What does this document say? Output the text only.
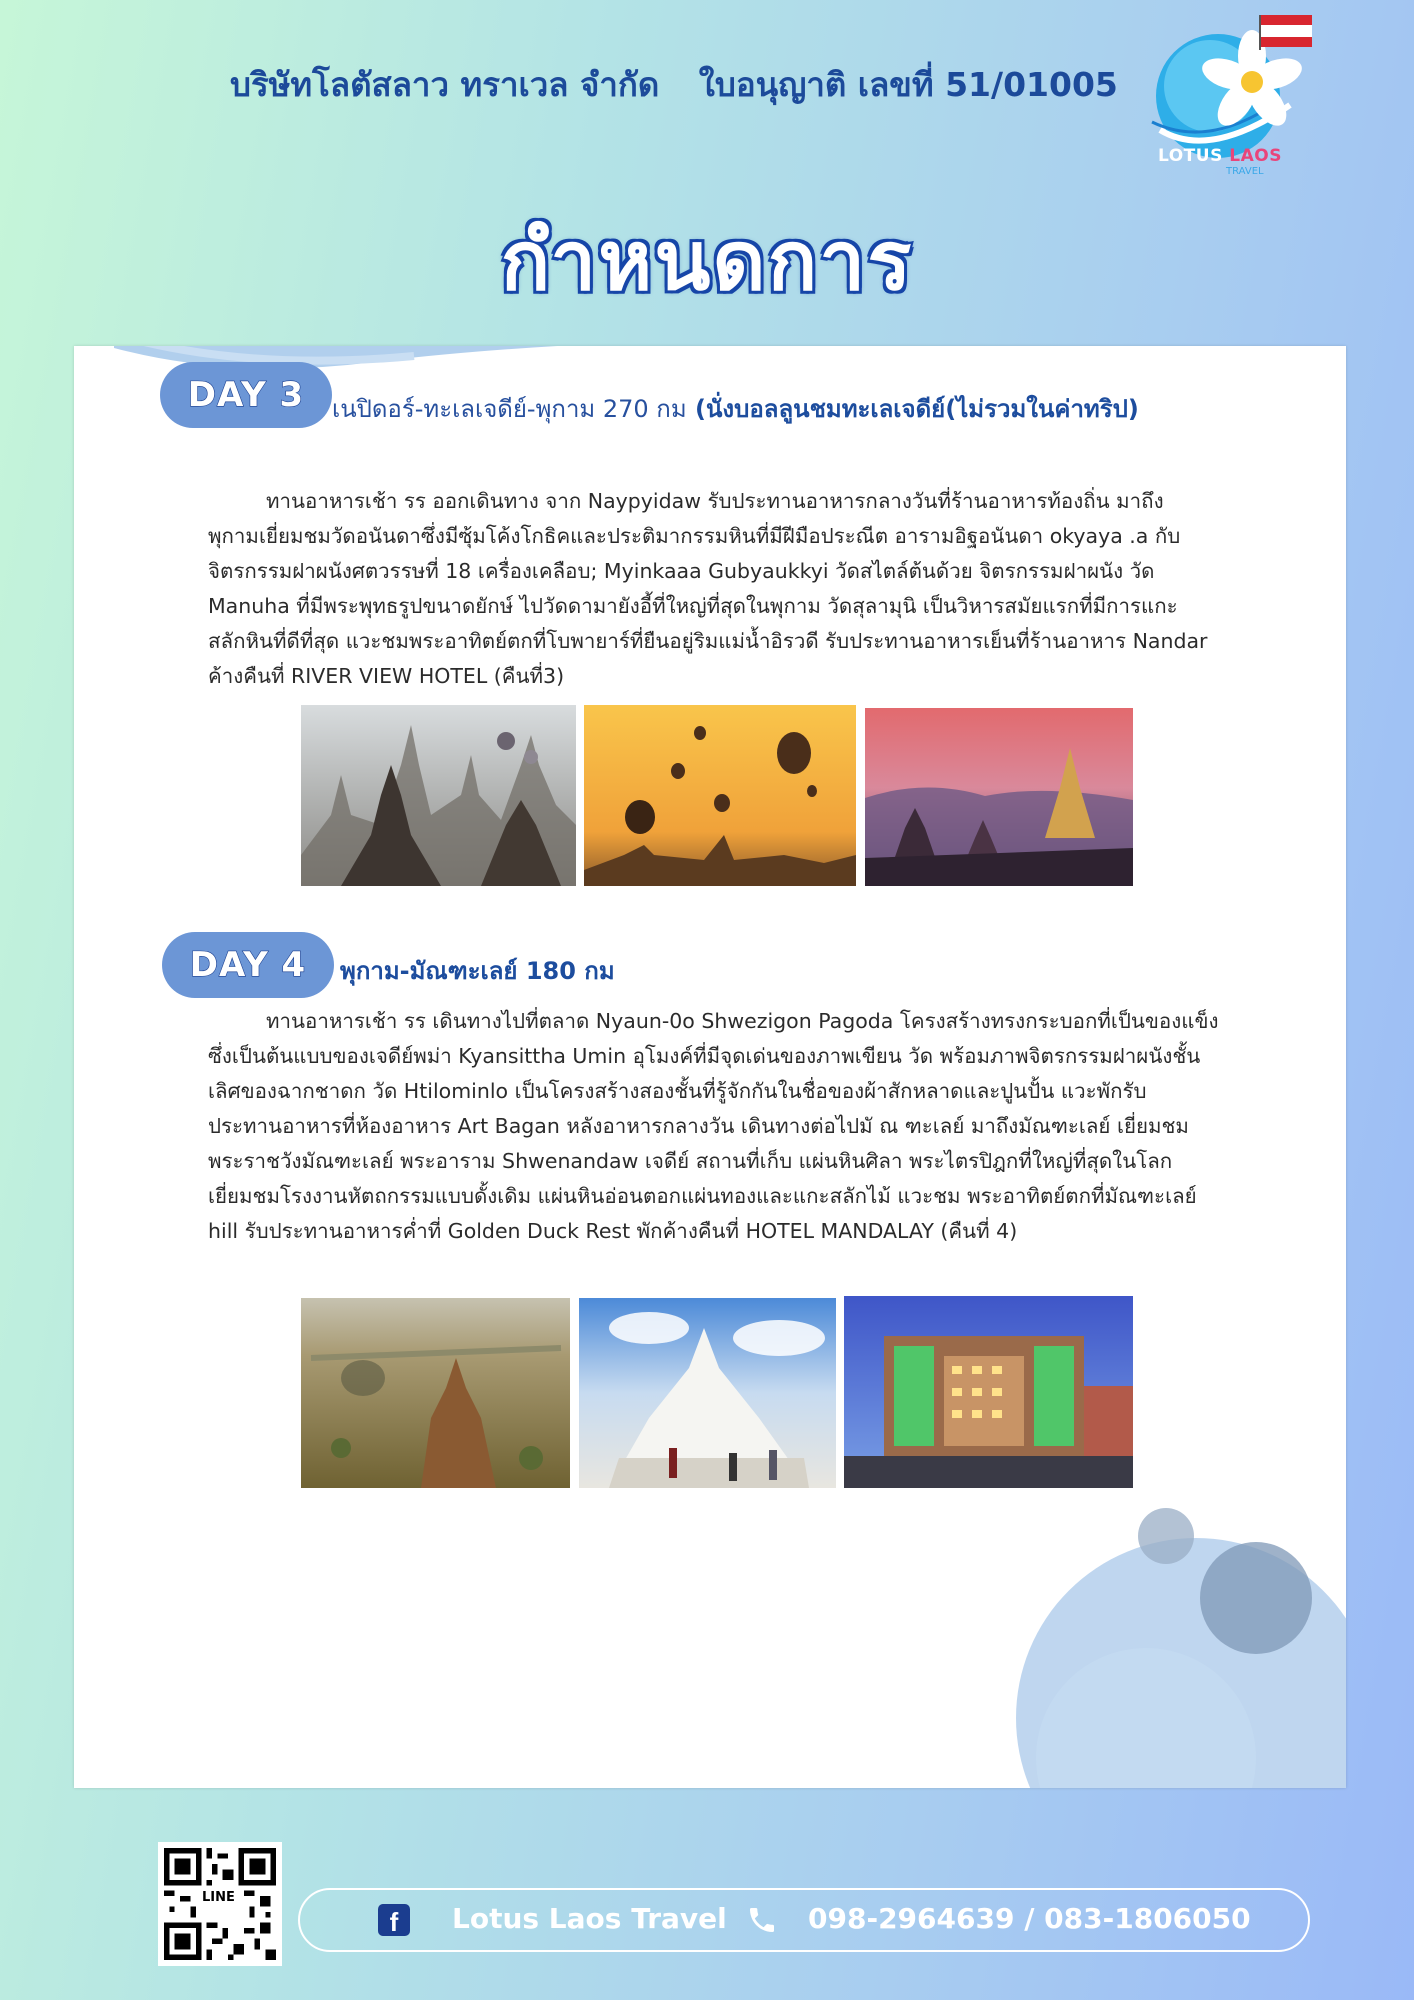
บริษัทโลตัสลาว ทราเวล จำกัด ใบอนุญาติ เลขที่ 51/01005
LOTUS LAOS
TRAVEL
กำหนดการ
DAY 3	เนปิดอร์-ทะเลเจดีย์-พุกาม 270 กม (นั่งบอลลูนชมทะเลเจดีย์(ไม่รวมในค่าทริป)
ทานอาหารเช้า รร ออกเดินทาง จาก Naypyidaw รับประทานอาหารกลางวันที่ร้านอาหารท้องถิ่น มาถึงพุกามเยี่ยมชมวัดอนันดาซึ่งมีซุ้มโค้งโกธิคและประติมากรรมหินที่มีฝีมือประณีต อารามอิฐอนันดา okyaya .a กับจิตรกรรมฝาผนังศตวรรษที่ 18 เครื่องเคลือบ; Myinkaaa Gubyaukkyi วัดสไตล์ต้นด้วย จิตรกรรมฝาผนัง วัด Manuha ที่มีพระพุทธรูปขนาดยักษ์ ไปวัดดามายังอี้ที่ใหญ่ที่สุดในพุกาม วัดสุลามุนิ เป็นวิหารสมัยแรกที่มีการแกะสลักหินที่ดีที่สุด แวะชมพระอาทิตย์ตกที่โบพายาร์ที่ยืนอยู่ริมแม่น้ำอิรวดี รับประทานอาหารเย็นที่ร้านอาหาร Nandar ค้างคืนที่ RIVER VIEW HOTEL (คืนที่3)
DAY 4	พุกาม-มัณฑะเลย์ 180 กม
ทานอาหารเช้า รร เดินทางไปที่ตลาด Nyaun-0o Shwezigon Pagoda โครงสร้างทรงกระบอกที่เป็นของแข็งซึ่งเป็นต้นแบบของเจดีย์พม่า Kyansittha Umin อุโมงค์ที่มีจุดเด่นของภาพเขียน วัด พร้อมภาพจิตรกรรมฝาผนังชั้นเลิศของฉากชาดก วัด Htilominlo เป็นโครงสร้างสองชั้นที่รู้จักกันในชื่อของผ้าสักหลาดและปูนปั้น แวะพักรับประทานอาหารที่ห้องอาหาร Art Bagan หลังอาหารกลางวัน เดินทางต่อไปมั ณ ฑะเลย์ มาถึงมัณฑะเลย์ เยี่ยมชม พระราชวังมัณฑะเลย์ พระอาราม Shwenandaw เจดีย์ สถานที่เก็บ แผ่นหินศิลา พระไตรปิฎกที่ใหญ่ที่สุดในโลก เยี่ยมชมโรงงานหัตถกรรมแบบดั้งเดิม แผ่นหินอ่อนตอกแผ่นทองและแกะสลักไม้ แวะชม พระอาทิตย์ตกที่มัณฑะเลย์ hill รับประทานอาหารค่ำที่ Golden Duck Rest พักค้างคืนที่ HOTEL MANDALAY (คืนที่ 4)
LINE
f	Lotus Laos Travel	098-2964639 / 083-1806050
